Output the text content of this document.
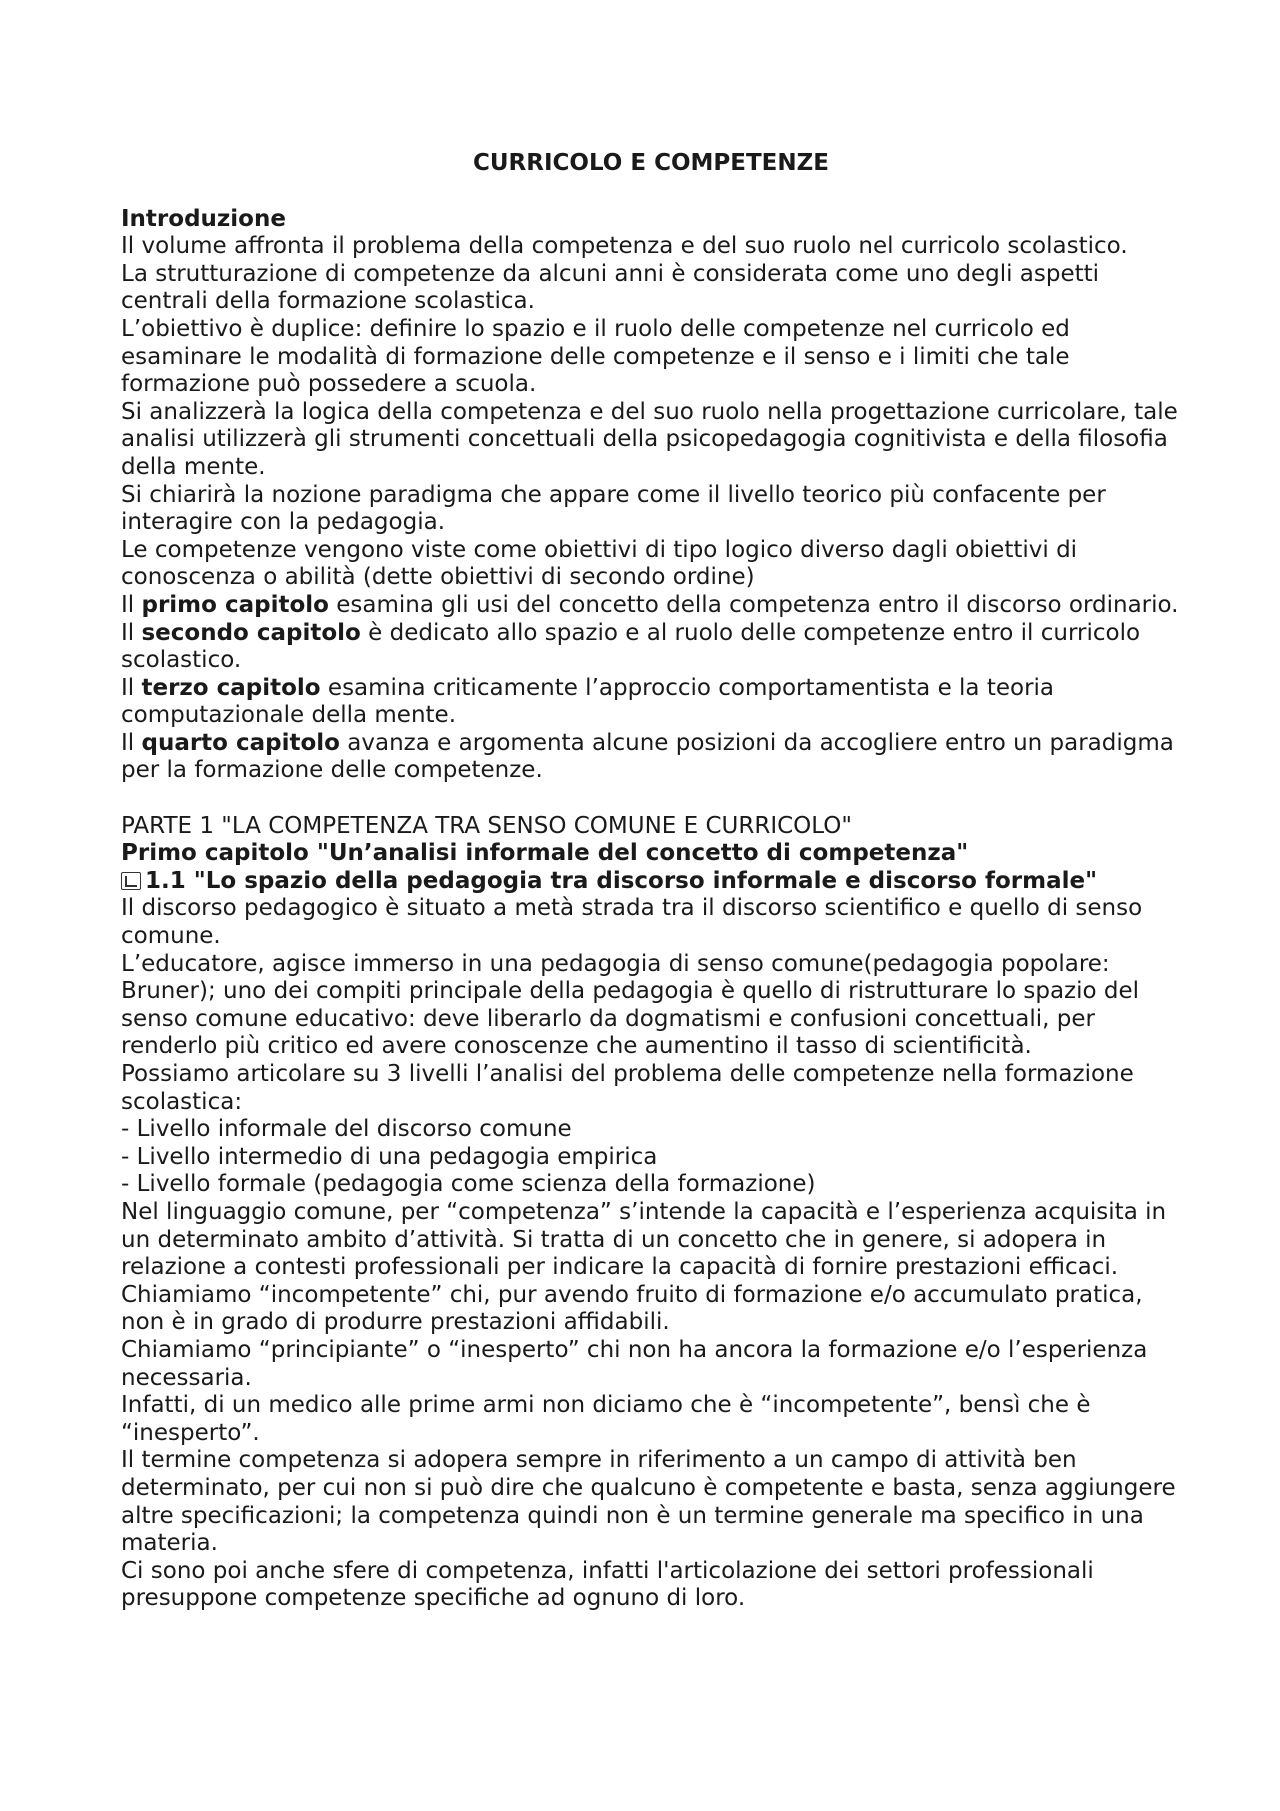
CURRICOLO E COMPETENZE

Introduzione

Il volume affronta il problema della competenza e del suo ruolo nel curricolo scolastico.

La strutturazione di competenze da alcuni anni è considerata come uno degli aspetti centrali della formazione scolastica.

L’obiettivo è duplice: definire lo spazio e il ruolo delle competenze nel curricolo ed esaminare le modalità di formazione delle competenze e il senso e i limiti che tale formazione può possedere a scuola.

Si analizzerà la logica della competenza e del suo ruolo nella progettazione curricolare, tale analisi utilizzerà gli strumenti concettuali della psicopedagogia cognitivista e della filosofia della mente.

Si chiarirà la nozione paradigma che appare come il livello teorico più confacente per interagire con la pedagogia.

Le competenze vengono viste come obiettivi di tipo logico diverso dagli obiettivi di conoscenza o abilità (dette obiettivi di secondo ordine)

Il primo capitolo esamina gli usi del concetto della competenza entro il discorso ordinario.

Il secondo capitolo è dedicato allo spazio e al ruolo delle competenze entro il curricolo scolastico.

Il terzo capitolo esamina criticamente l’approccio comportamentista e la teoria computazionale della mente.

Il quarto capitolo avanza e argomenta alcune posizioni da accogliere entro un paradigma per la formazione delle competenze.

PARTE 1 "LA COMPETENZA TRA SENSO COMUNE E CURRICOLO"

Primo capitolo "Un’analisi informale del concetto di competenza"

1.1 "Lo spazio della pedagogia tra discorso informale e discorso formale"

Il discorso pedagogico è situato a metà strada tra il discorso scientifico e quello di senso comune.

L’educatore, agisce immerso in una pedagogia di senso comune(pedagogia popolare: Bruner); uno dei compiti principale della pedagogia è quello di ristrutturare lo spazio del senso comune educativo: deve liberarlo da dogmatismi e confusioni concettuali, per renderlo più critico ed avere conoscenze che aumentino il tasso di scientificità.

Possiamo articolare su 3 livelli l’analisi del problema delle competenze nella formazione scolastica:

- Livello informale del discorso comune

- Livello intermedio di una pedagogia empirica

- Livello formale (pedagogia come scienza della formazione)

Nel linguaggio comune, per “competenza” s’intende la capacità e l’esperienza acquisita in un determinato ambito d’attività. Si tratta di un concetto che in genere, si adopera in relazione a contesti professionali per indicare la capacità di fornire prestazioni efficaci.

Chiamiamo “incompetente” chi, pur avendo fruito di formazione e/o accumulato pratica, non è in grado di produrre prestazioni affidabili.

Chiamiamo “principiante” o “inesperto” chi non ha ancora la formazione e/o l’esperienza necessaria.

Infatti, di un medico alle prime armi non diciamo che è “incompetente”, bensì che è “inesperto”.

Il termine competenza si adopera sempre in riferimento a un campo di attività ben determinato, per cui non si può dire che qualcuno è competente e basta, senza aggiungere altre specificazioni; la competenza quindi non è un termine generale ma specifico in una materia.

Ci sono poi anche sfere di competenza, infatti l'articolazione dei settori professionali presuppone competenze specifiche ad ognuno di loro.
